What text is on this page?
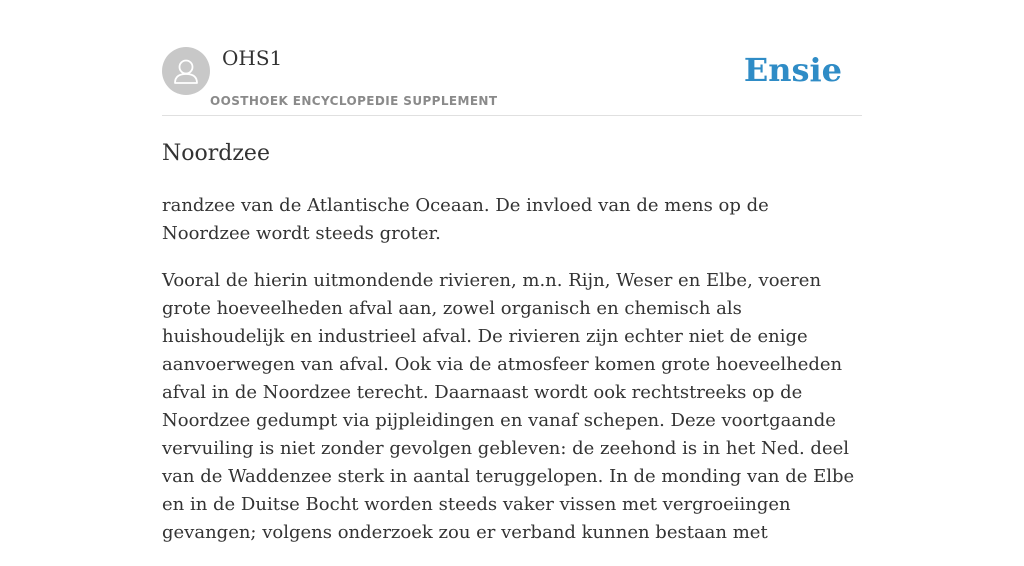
OHS1
OOSTHOEK ENCYCLOPEDIE SUPPLEMENT
Ensie
Noordzee

randzee van de Atlantische Oceaan. De invloed van de mens op de Noordzee wordt steeds groter.

Vooral de hierin uitmondende rivieren, m.n. Rijn, Weser en Elbe, voeren grote hoeveelheden afval aan, zowel organisch en chemisch als huishoudelijk en industrieel afval. De rivieren zijn echter niet de enige aanvoerwegen van afval. Ook via de atmosfeer komen grote hoeveelheden afval in de Noordzee terecht. Daarnaast wordt ook rechtstreeks op de Noordzee gedumpt via pijpleidingen en vanaf schepen. Deze voortgaande vervuiling is niet zonder gevolgen gebleven: de zeehond is in het Ned. deel van de Waddenzee sterk in aantal teruggelopen. In de monding van de Elbe en in de Duitse Bocht worden steeds vaker vissen met vergroeiingen gevangen; volgens onderzoek zou er verband kunnen bestaan met
